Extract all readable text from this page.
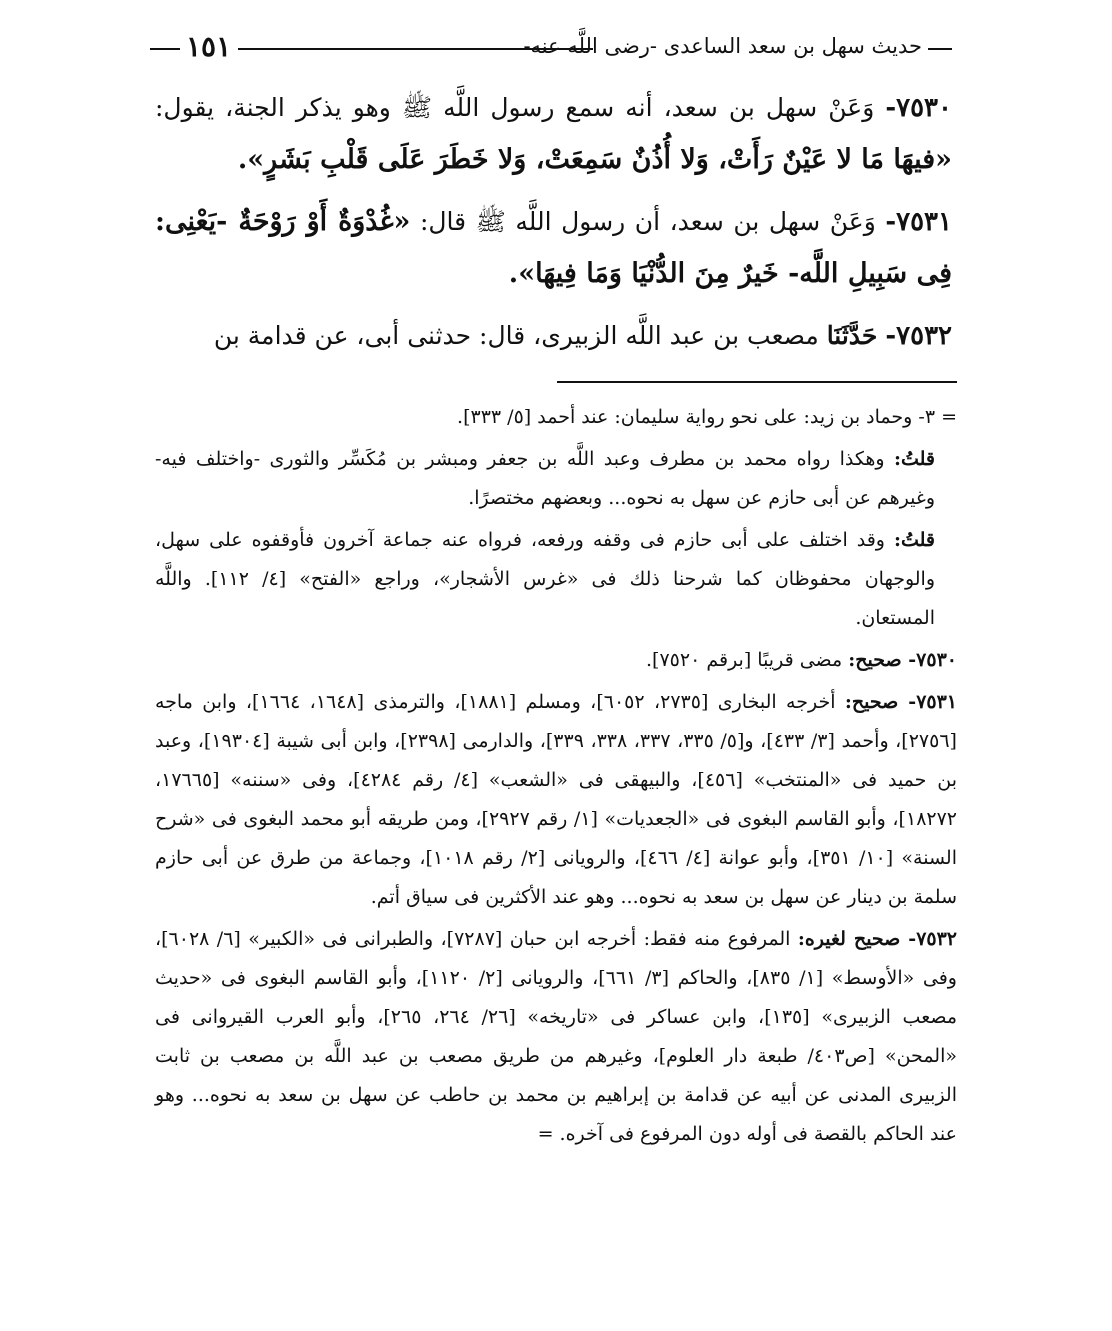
١٥١	حديث سهل بن سعد الساعدى -رضى اللَّه عنه-

٧٥٣٠- وَعَنْ سهل بن سعد، أنه سمع رسول اللَّه ﷺ وهو يذكر الجنة، يقول: «فيهَا مَا لا عَيْنٌ رَأَتْ، وَلا أُذُنٌ سَمِعَتْ، وَلا خَطَرَ عَلَى قَلْبِ بَشَرٍ».

٧٥٣١- وَعَنْ سهل بن سعد، أن رسول اللَّه ﷺ قال: «غُدْوَةٌ أَوْ رَوْحَةٌ -يَعْنِى: فِى سَبِيلِ اللَّه- خَيرٌ مِنَ الدُّنْيَا وَمَا فِيهَا».

٧٥٣٢- حَدَّثَنَا مصعب بن عبد اللَّه الزبيرى، قال: حدثنى أبى، عن قدامة بن

= ٣- وحماد بن زيد: على نحو رواية سليمان: عند أحمد [٥/ ٣٣٣].

قلتُ: وهكذا رواه محمد بن مطرف وعبد اللَّه بن جعفر ومبشر بن مُكَسِّر والثورى -واختلف فيه- وغيرهم عن أبى حازم عن سهل به نحوه... وبعضهم مختصرًا.

قلتُ: وقد اختلف على أبى حازم فى وقفه ورفعه، فرواه عنه جماعة آخرون فأوقفوه على سهل، والوجهان محفوظان كما شرحنا ذلك فى «غرس الأشجار»، وراجع «الفتح» [٤/ ١١٢]. واللَّه المستعان.

٧٥٣٠- صحيح: مضى قريبًا [برقم ٧٥٢٠].

٧٥٣١- صحيح: أخرجه البخارى [٢٧٣٥، ٦٠٥٢]، ومسلم [١٨٨١]، والترمذى [١٦٤٨، ١٦٦٤]، وابن ماجه [٢٧٥٦]، وأحمد [٣/ ٤٣٣]، و[٥/ ٣٣٥، ٣٣٧، ٣٣٨، ٣٣٩]، والدارمى [٢٣٩٨]، وابن أبى شيبة [١٩٣٠٤]، وعبد بن حميد فى «المنتخب» [٤٥٦]، والبيهقى فى «الشعب» [٤/ رقم ٤٢٨٤]، وفى «سننه» [١٧٦٦٥، ١٨٢٧٢]، وأبو القاسم البغوى فى «الجعديات» [١/ رقم ٢٩٢٧]، ومن طريقه أبو محمد البغوى فى «شرح السنة» [١٠/ ٣٥١]، وأبو عوانة [٤/ ٤٦٦]، والرويانى [٢/ رقم ١٠١٨]، وجماعة من طرق عن أبى حازم سلمة بن دينار عن سهل بن سعد به نحوه... وهو عند الأكثرين فى سياق أتم.

٧٥٣٢- صحيح لغيره: المرفوع منه فقط: أخرجه ابن حبان [٧٢٨٧]، والطبرانى فى «الكبير» [٦/ ٦٠٢٨]، وفى «الأوسط» [١/ ٨٣٥]، والحاكم [٣/ ٦٦١]، والرويانى [٢/ ١١٢٠]، وأبو القاسم البغوى فى «حديث مصعب الزبيرى» [١٣٥]، وابن عساكر فى «تاريخه» [٢٦/ ٢٦٤، ٢٦٥]، وأبو العرب القيروانى فى «المحن» [ص٤٠٣/ طبعة دار العلوم]، وغيرهم من طريق مصعب بن عبد اللَّه بن مصعب بن ثابت الزبيرى المدنى عن أبيه عن قدامة بن إبراهيم بن محمد بن حاطب عن سهل بن سعد به نحوه... وهو عند الحاكم بالقصة فى أوله دون المرفوع فى آخره. =
